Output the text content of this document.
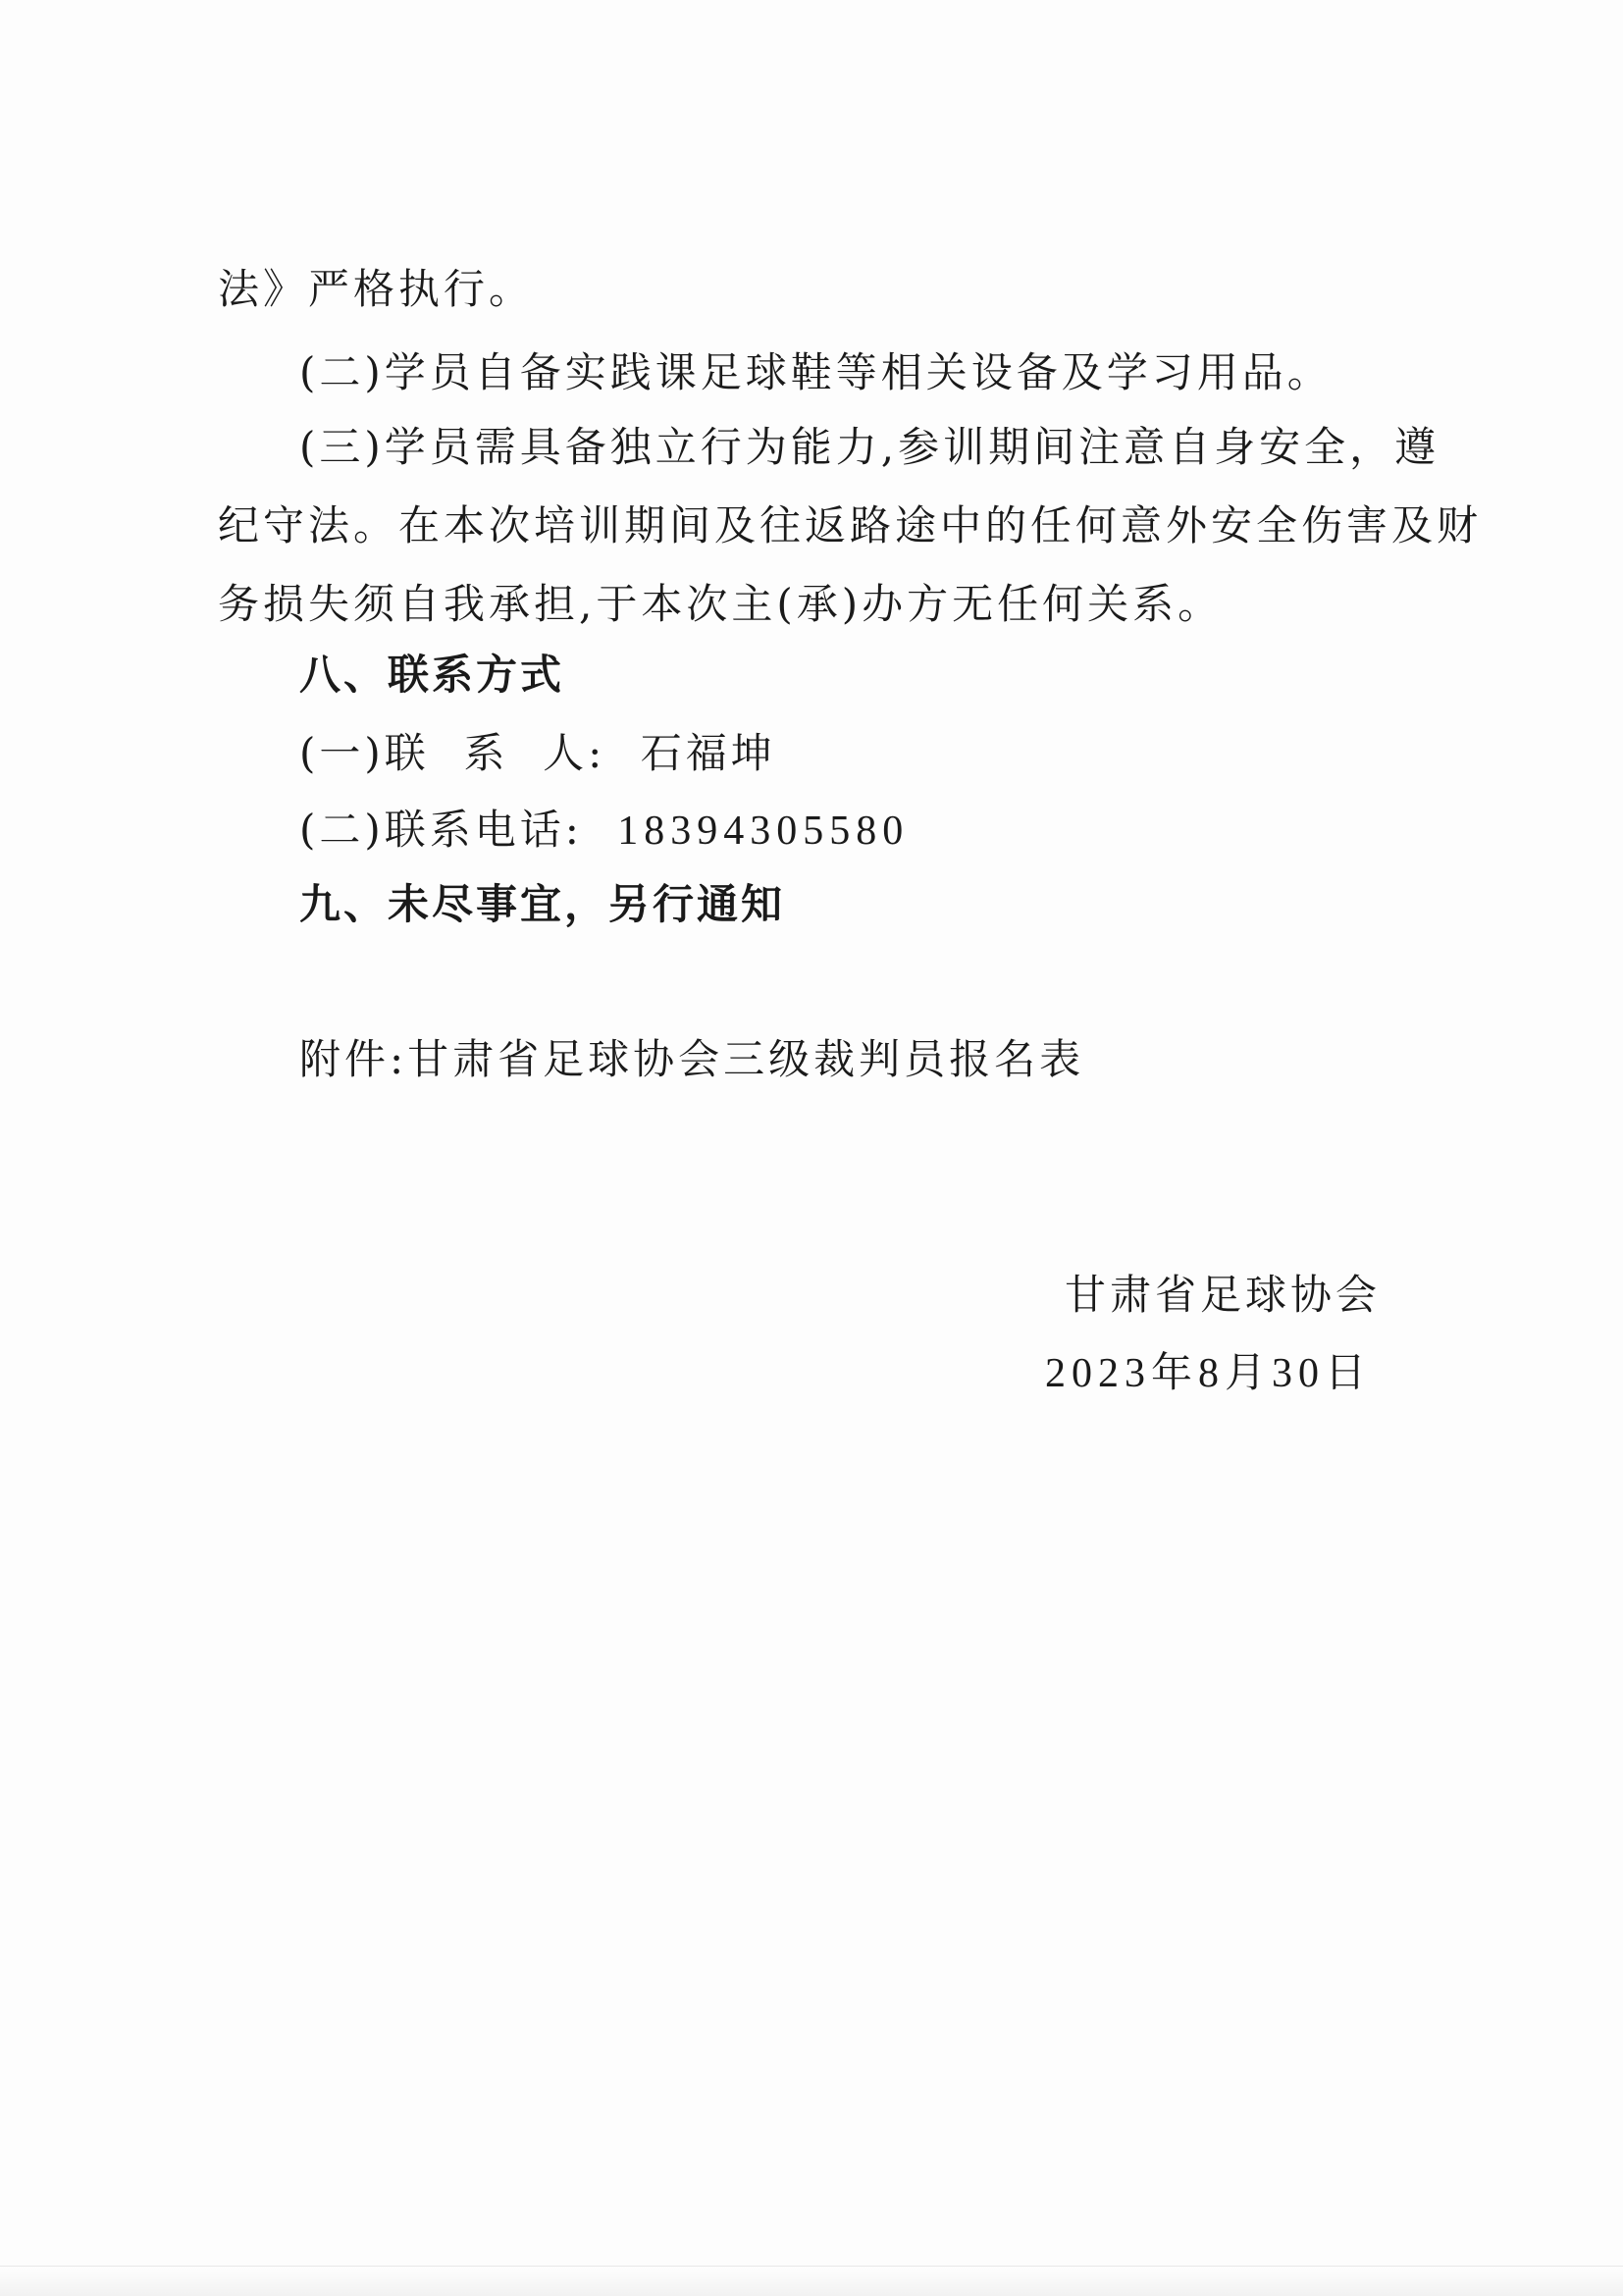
法》严格执行。
(二)学员自备实践课足球鞋等相关设备及学习用品。
(三)学员需具备独立行为能力,参训期间注意自身安全，遵
纪守法。在本次培训期间及往返路途中的任何意外安全伤害及财
务损失须自我承担,于本次主(承)办方无任何关系。
八、联系方式
(一)联  系  人: 石福坤
(二)联系电话: 18394305580
九、未尽事宜，另行通知
附件:甘肃省足球协会三级裁判员报名表
甘肃省足球协会
2023年8月30日
